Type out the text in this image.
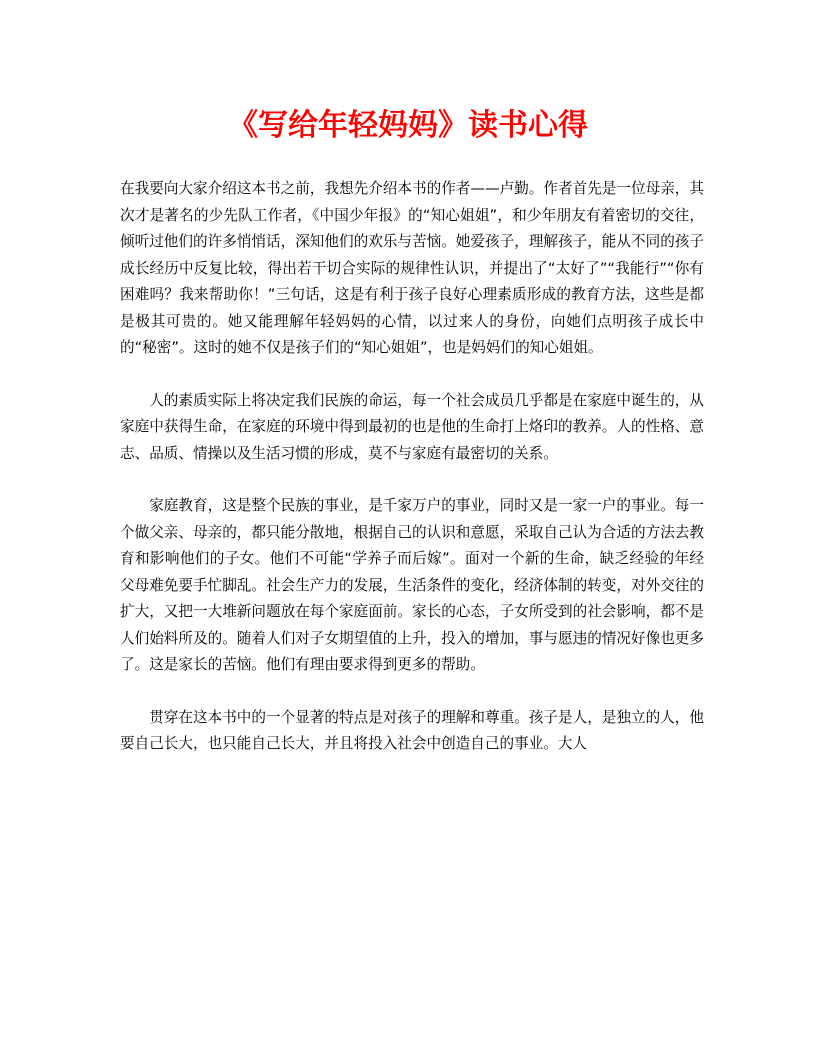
《写给年轻妈妈》读书心得

在我要向大家介绍这本书之前，我想先介绍本书的作者——卢勤。作者首先是一位母亲，其次才是著名的少先队工作者，《中国少年报》的“知心姐姐”，和少年朋友有着密切的交往，倾听过他们的许多悄悄话，深知他们的欢乐与苦恼。她爱孩子，理解孩子，能从不同的孩子成长经历中反复比较，得出若干切合实际的规律性认识，并提出了“太好了”“我能行”“你有困难吗？我来帮助你！”三句话，这是有利于孩子良好心理素质形成的教育方法，这些是都是极其可贵的。她又能理解年轻妈妈的心情，以过来人的身份，向她们点明孩子成长中的“秘密”。这时的她不仅是孩子们的“知心姐姐”，也是妈妈们的知心姐姐。

人的素质实际上将决定我们民族的命运，每一个社会成员几乎都是在家庭中诞生的，从家庭中获得生命，在家庭的环境中得到最初的也是他的生命打上烙印的教养。人的性格、意志、品质、情操以及生活习惯的形成，莫不与家庭有最密切的关系。

家庭教育，这是整个民族的事业，是千家万户的事业，同时又是一家一户的事业。每一个做父亲、母亲的，都只能分散地，根据自己的认识和意愿，采取自己认为合适的方法去教育和影响他们的子女。他们不可能“学养子而后嫁”。面对一个新的生命，缺乏经验的年经父母难免要手忙脚乱。社会生产力的发展，生活条件的变化，经济体制的转变，对外交往的扩大，又把一大堆新问题放在每个家庭面前。家长的心态，子女所受到的社会影响，都不是人们始料所及的。随着人们对子女期望值的上升，投入的增加，事与愿违的情况好像也更多了。这是家长的苦恼。他们有理由要求得到更多的帮助。

贯穿在这本书中的一个显著的特点是对孩子的理解和尊重。孩子是人，是独立的人，他要自己长大，也只能自己长大，并且将投入社会中创造自己的事业。大人
